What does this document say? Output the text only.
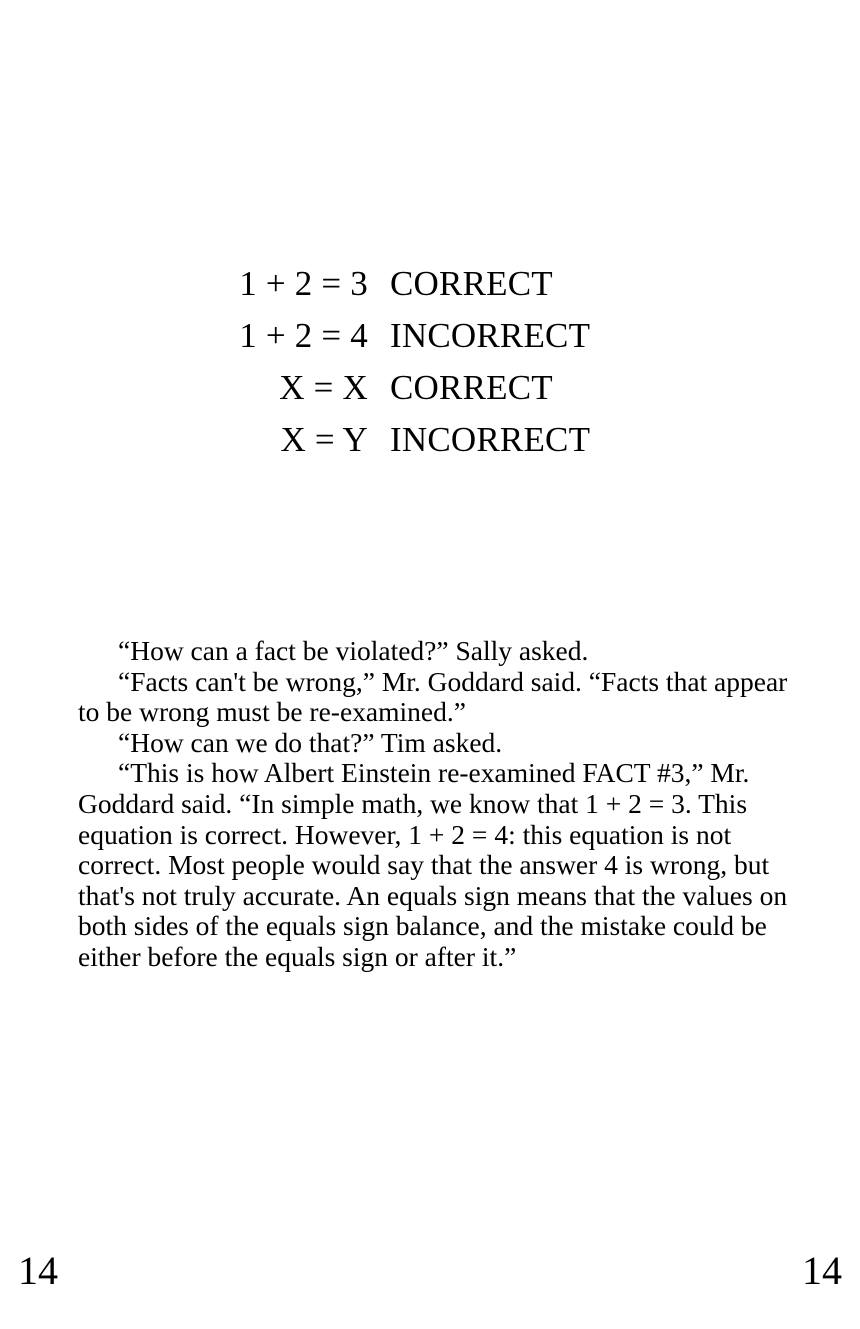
1 + 2 = 3 CORRECT
1 + 2 = 4 INCORRECT
X = X CORRECT
X = Y INCORRECT

“How can a fact be violated?” Sally asked.

“Facts can't be wrong,” Mr. Goddard said. “Facts that appear to be wrong must be re-examined.”

“How can we do that?” Tim asked.

“This is how Albert Einstein re-examined FACT #3,” Mr. Goddard said. “In simple math, we know that 1 + 2 = 3. This equation is correct. However, 1 + 2 = 4: this equation is not correct. Most people would say that the answer 4 is wrong, but that's not truly accurate. An equals sign means that the values on both sides of the equals sign balance, and the mistake could be either before the equals sign or after it.”

14	14
